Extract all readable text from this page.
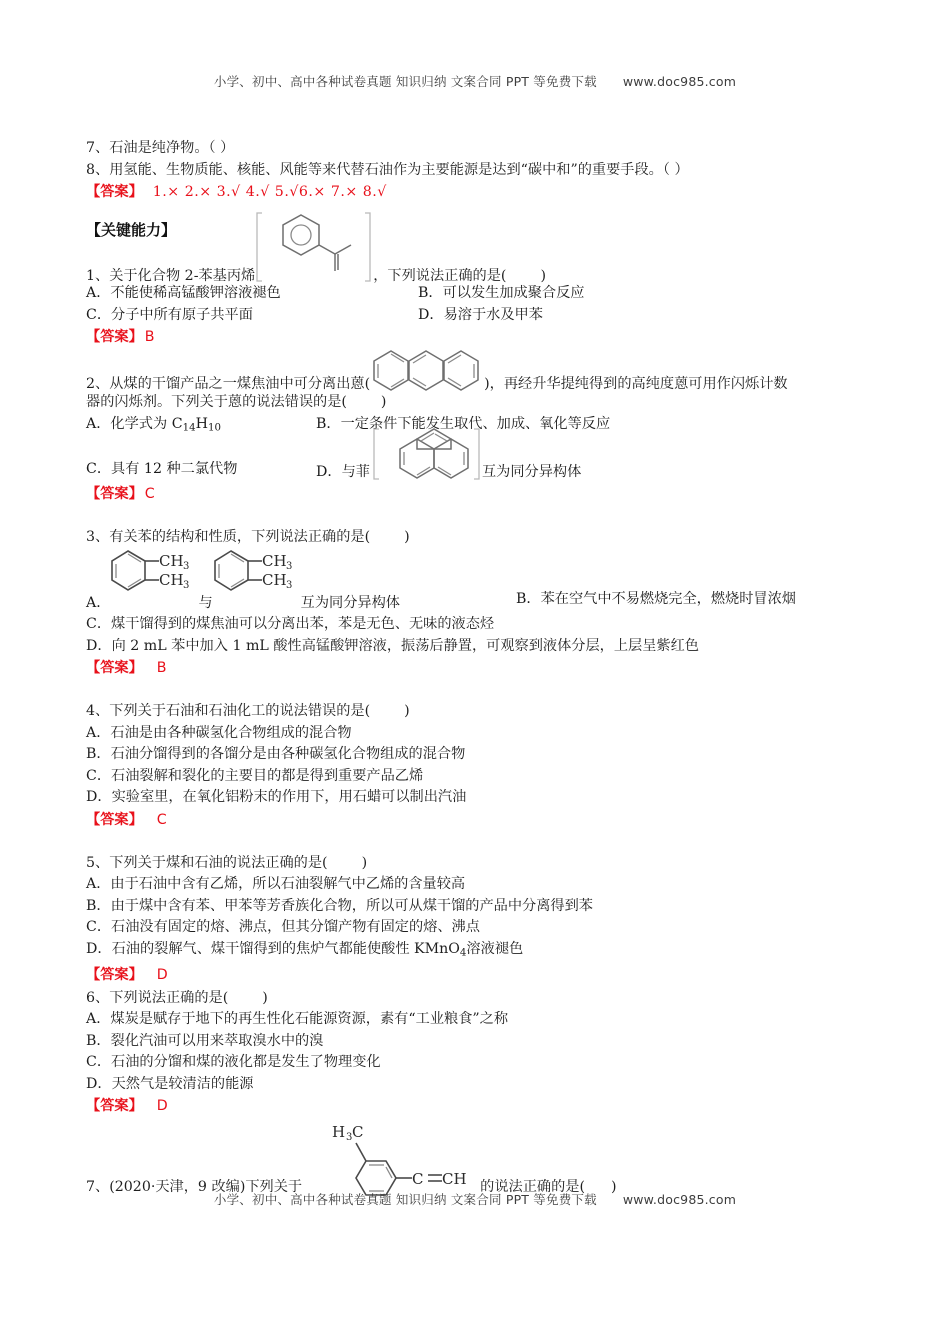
小学、初中、高中各种试卷真题 知识归纳 文案合同 PPT 等免费下载 www.doc985.com
7、石油是纯净物。（ ）
8、用氢能、生物质能、核能、风能等来代替石油作为主要能源是达到“碳中和”的重要手段。（ ）
【答案】 1.× 2.× 3.√ 4.√ 5.√6.× 7.× 8.√
【关键能力】
1、关于化合物 2-苯基丙烯	，下列说法正确的是( )
A．不能使稀高锰酸钾溶液褪色	B．可以发生加成聚合反应
C．分子中所有原子共平面	D．易溶于水及甲苯
【答案】 B
2、从煤的干馏产品之一煤焦油中可分离出蒽(	)，再经升华提纯得到的高纯度蒽可用作闪烁计数
器的闪烁剂。下列关于蒽的说法错误的是( )
A．化学式为 $C_{14}H_{10}$	B．一定条件下能发生取代、加成、氧化等反应
C．具有 12 种二氯代物	D．与菲	互为同分异构体
【答案】 C
3、有关苯的结构和性质，下列说法正确的是( )
A．
CH 3
CH 3
与
CH 3
CH 3
互为同分异构体	B．苯在空气中不易燃烧完全，燃烧时冒浓烟
C．煤干馏得到的煤焦油可以分离出苯，苯是无色、无味的液态烃
D．向 2 mL 苯中加入 1 mL 酸性高锰酸钾溶液，振荡后静置，可观察到液体分层，上层呈紫红色
【答案】 B
4、下列关于石油和石油化工的说法错误的是( )
A．石油是由各种碳氢化合物组成的混合物
B．石油分馏得到的各馏分是由各种碳氢化合物组成的混合物
C．石油裂解和裂化的主要目的都是得到重要产品乙烯
D．实验室里，在氧化铝粉末的作用下，用石蜡可以制出汽油
【答案】 C
5、下列关于煤和石油的说法正确的是( )
A．由于石油中含有乙烯，所以石油裂解气中乙烯的含量较高
B．由于煤中含有苯、甲苯等芳香族化合物，所以可从煤干馏的产品中分离得到苯
C．石油没有固定的熔、沸点，但其分馏产物有固定的熔、沸点
D．石油的裂解气、煤干馏得到的焦炉气都能使酸性 KMnO$_4$溶液褪色
【答案】 D
6、下列说法正确的是( )
A．煤炭是赋存于地下的再生性化石能源资源，素有“工业粮食”之称
B．裂化汽油可以用来萃取溴水中的溴
C．石油的分馏和煤的液化都是发生了物理变化
D．天然气是较清洁的能源
【答案】 D
7、(2020·天津，9 改编)下列关于
H 3 C
C CH 的说法正确的是( )
小学、初中、高中各种试卷真题 知识归纳 文案合同 PPT 等免费下载 www.doc985.com
